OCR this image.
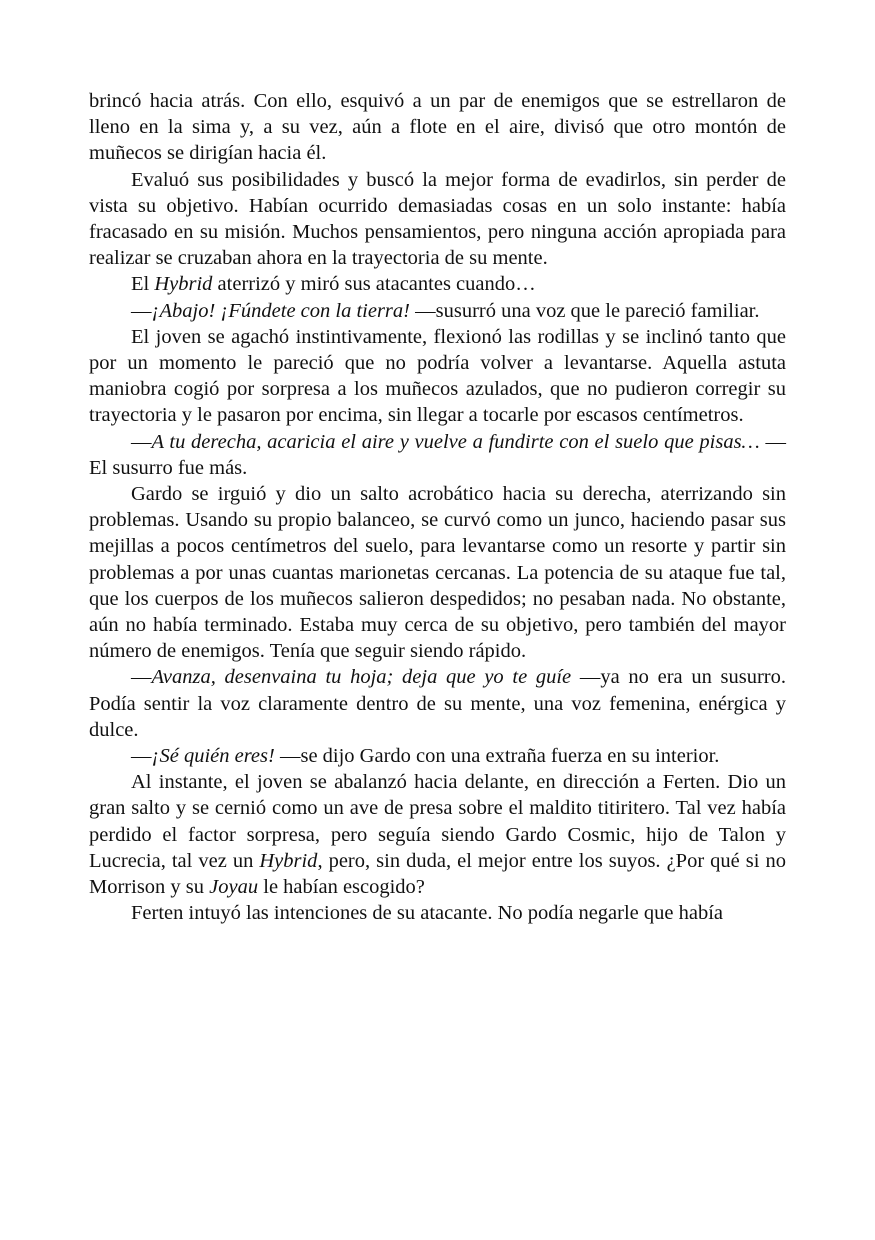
brincó hacia atrás. Con ello, esquivó a un par de enemigos que se estrellaron de lleno en la sima y, a su vez, aún a flote en el aire, divisó que otro montón de muñecos se dirigían hacia él.

Evaluó sus posibilidades y buscó la mejor forma de evadirlos, sin perder de vista su objetivo. Habían ocurrido demasiadas cosas en un solo instante: había fracasado en su misión. Muchos pensamientos, pero ninguna acción apropiada para realizar se cruzaban ahora en la trayectoria de su mente.

El Hybrid aterrizó y miró sus atacantes cuando…

—¡Abajo! ¡Fúndete con la tierra! —susurró una voz que le pareció familiar.

El joven se agachó instintivamente, flexionó las rodillas y se inclinó tanto que por un momento le pareció que no podría volver a levantarse. Aquella astuta maniobra cogió por sorpresa a los muñecos azulados, que no pudieron corregir su trayectoria y le pasaron por encima, sin llegar a tocarle por escasos centímetros.

—A tu derecha, acaricia el aire y vuelve a fundirte con el suelo que pisas… —El susurro fue más.

Gardo se irguió y dio un salto acrobático hacia su derecha, aterrizando sin problemas. Usando su propio balanceo, se curvó como un junco, haciendo pasar sus mejillas a pocos centímetros del suelo, para levantarse como un resorte y partir sin problemas a por unas cuantas marionetas cercanas. La potencia de su ataque fue tal, que los cuerpos de los muñecos salieron despedidos; no pesaban nada. No obstante, aún no había terminado. Estaba muy cerca de su objetivo, pero también del mayor número de enemigos. Tenía que seguir siendo rápido.

—Avanza, desenvaina tu hoja; deja que yo te guíe —ya no era un susurro. Podía sentir la voz claramente dentro de su mente, una voz femenina, enérgica y dulce.

—¡Sé quién eres! —se dijo Gardo con una extraña fuerza en su interior.

Al instante, el joven se abalanzó hacia delante, en dirección a Ferten. Dio un gran salto y se cernió como un ave de presa sobre el maldito titiritero. Tal vez había perdido el factor sorpresa, pero seguía siendo Gardo Cosmic, hijo de Talon y Lucrecia, tal vez un Hybrid, pero, sin duda, el mejor entre los suyos. ¿Por qué si no Morrison y su Joyau le habían escogido?

Ferten intuyó las intenciones de su atacante. No podía negarle que había
